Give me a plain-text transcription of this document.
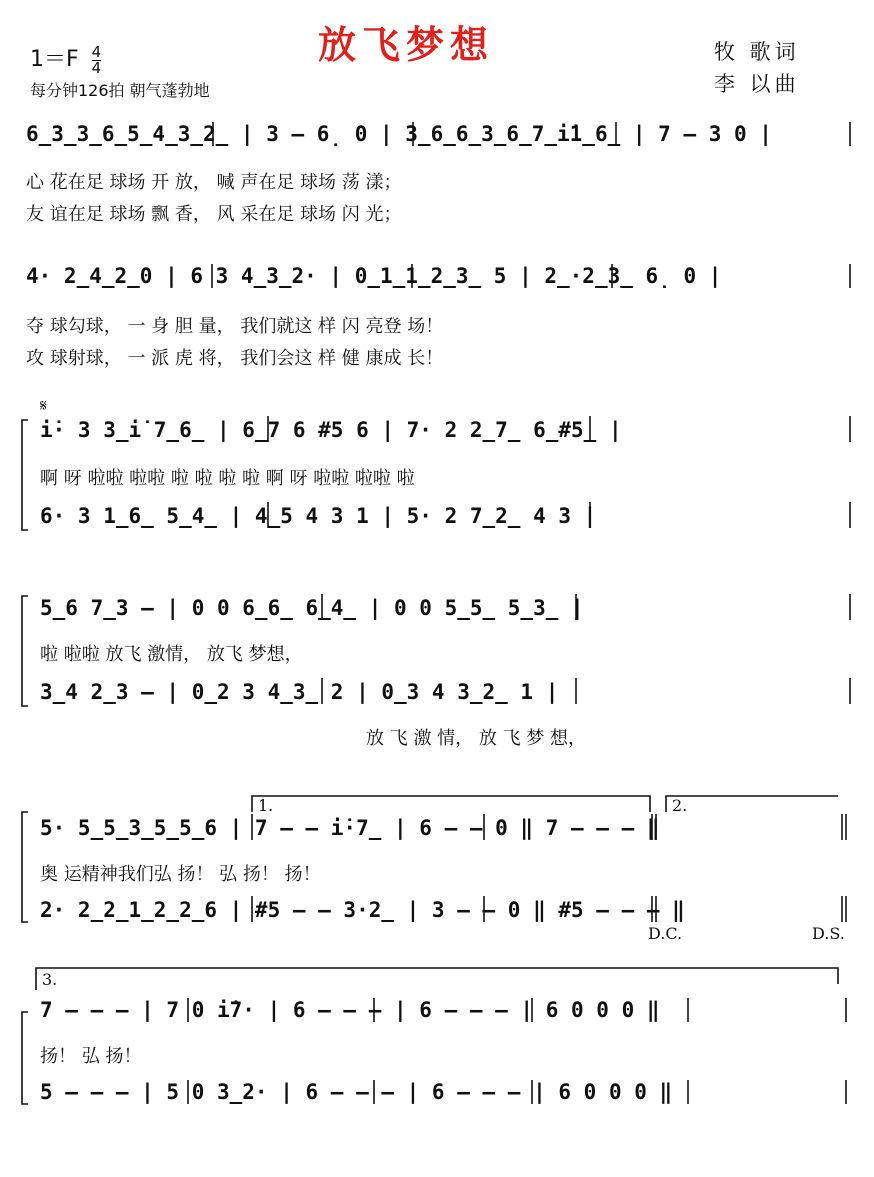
放飞梦想
$1=F \frac{4}{4}$
每分钟126拍 朝气蓬勃地
牧 歌词
李 以曲
6̲3̲3̲6̲5̲4̲3̲2̲ | 3 – 6̣ 0 | 3̲6̲6̲3̲6̲7̲i̇1̲6̲ | 7 – 3 0 |
心 花在足 球场 开 放， 喊 声在足 球场 荡 漾；
友 谊在足 球场 飘 香， 风 采在足 球场 闪 光；
4· 2̲4̲2̲0 | 6 3 4̲3̲2· | 0̲1̲1̲2̲3̲ 5 | 2̲·2̲3̲ 6̣ 0 |
夺 球勾球， 一 身 胆 量， 我们就这 样 闪 亮登 场！
攻 球射球， 一 派 虎 将， 我们会这 样 健 康成 长！
𝄋
i̇· 3 3̲i̇ 7̲6̲ | 6̲7 6 #5 6 | 7· 2 2̲7̲ 6̲#5̲ |
啊 呀 啦啦 啦啦 啦 啦 啦 啦 啊 呀 啦啦 啦啦 啦
6· 3 1̲6̲ 5̲4̲ | 4̲5 4 3 1 | 5· 2 7̲2̲ 4 3 |
5̲6 7̲3 – | 0 0 6̲6̲ 6̲4̲ | 0 0 5̲5̲ 5̲3̲ |
啦 啦啦 放飞 激情， 放飞 梦想，
3̲4 2̲3 – | 0̲2 3 4̲3̲ 2 | 0̲3 4 3̲2̲ 1 |
放 飞 激 情， 放 飞 梦 想，
1.	2.
5· 5̲5̲3̲5̲5̲6 | 7 – – i̇·7̲ | 6 – – 0 ‖ 7 – – – ‖
奥 运精神我们弘 扬！ 弘 扬！ 扬！
2· 2̲2̲1̲2̲2̲6 | #5 – – 3·2̲ | 3 – – 0 ‖ #5 – – – ‖
D.C.	D.S.
3.
7 – – – | 7 0 i̇7· | 6 – – – | 6 – – – | 6 0 0 0 ‖
扬！ 弘 扬！
5 – – – | 5 0 3̲2· | 6 – – – | 6 – – – | 6 0 0 0 ‖
